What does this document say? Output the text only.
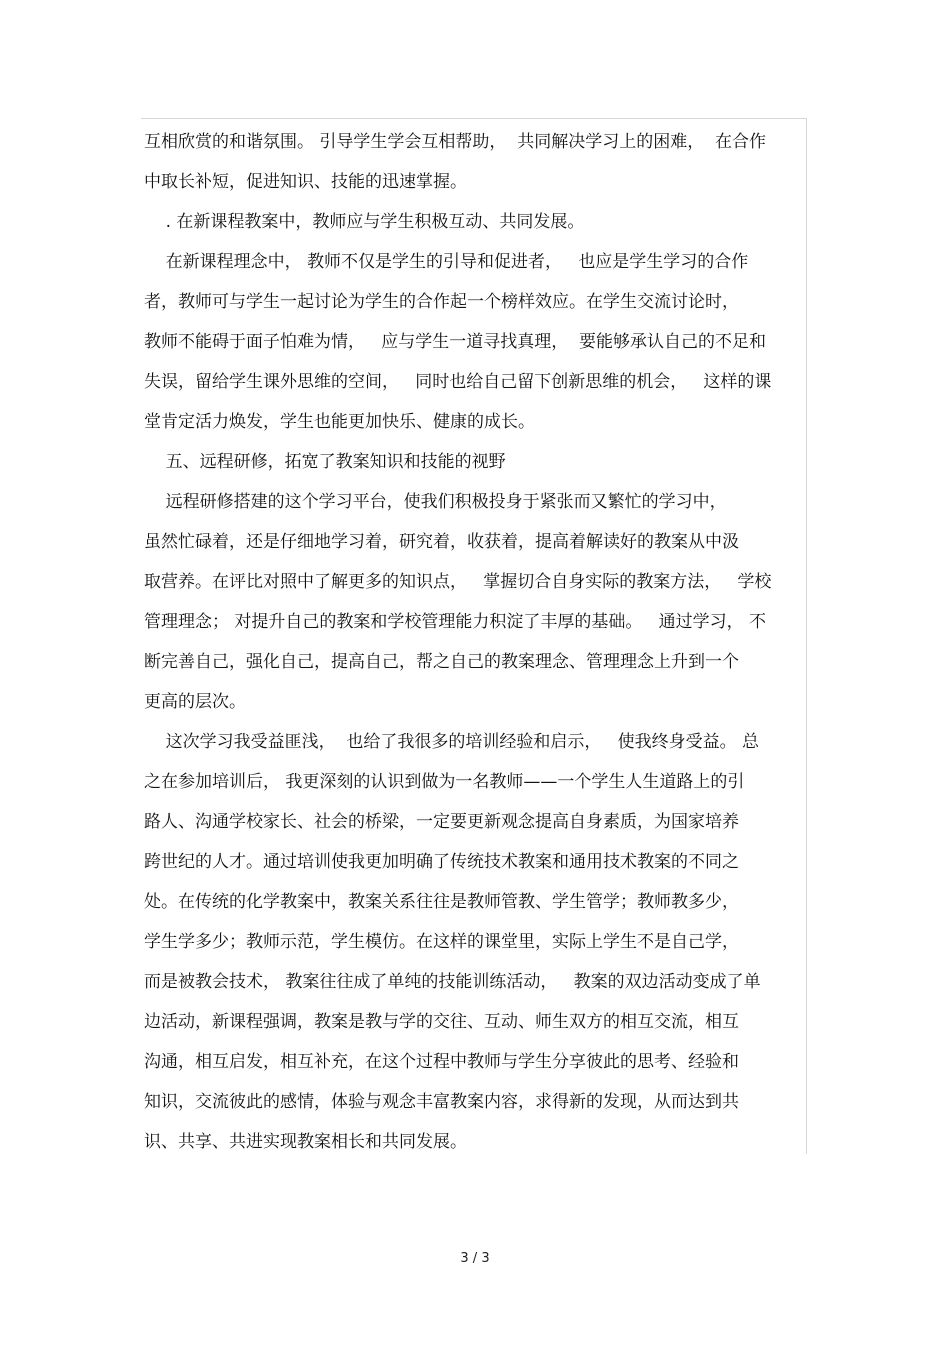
互相欣赏的和谐氛围。 引导学生学会互相帮助，  共同解决学习上的困难，  在合作
中取长补短，促进知识、技能的迅速掌握。
. 在新课程教案中，教师应与学生积极互动、共同发展。
在新课程理念中， 教师不仅是学生的引导和促进者，   也应是学生学习的合作
者，教师可与学生一起讨论为学生的合作起一个榜样效应。在学生交流讨论时，
教师不能碍于面子怕难为情，   应与学生一道寻找真理，  要能够承认自己的不足和
失误，留给学生课外思维的空间，   同时也给自己留下创新思维的机会，   这样的课
堂肯定活力焕发，学生也能更加快乐、健康的成长。
五、远程研修，拓宽了教案知识和技能的视野
远程研修搭建的这个学习平台，使我们积极投身于紧张而又繁忙的学习中，
虽然忙碌着，还是仔细地学习着，研究着，收获着，提高着解读好的教案从中汲
取营养。在评比对照中了解更多的知识点，   掌握切合自身实际的教案方法，   学校
管理理念； 对提升自己的教案和学校管理能力积淀了丰厚的基础。   通过学习， 不
断完善自己，强化自己，提高自己，帮之自己的教案理念、管理理念上升到一个
更高的层次。
这次学习我受益匪浅，  也给了我很多的培训经验和启示，   使我终身受益。 总
之在参加培训后， 我更深刻的认识到做为一名教师——一个学生人生道路上的引
路人、沟通学校家长、社会的桥梁，一定要更新观念提高自身素质，为国家培养
跨世纪的人才。通过培训使我更加明确了传统技术教案和通用技术教案的不同之
处。在传统的化学教案中，教案关系往往是教师管教、学生管学；教师教多少，
学生学多少；教师示范，学生模仿。在这样的课堂里，实际上学生不是自己学，
而是被教会技术， 教案往往成了单纯的技能训练活动，   教案的双边活动变成了单
边活动，新课程强调，教案是教与学的交往、互动、师生双方的相互交流，相互
沟通，相互启发，相互补充，在这个过程中教师与学生分享彼此的思考、经验和
知识，交流彼此的感情，体验与观念丰富教案内容，求得新的发现，从而达到共
识、共享、共进实现教案相长和共同发展。
3 / 3
